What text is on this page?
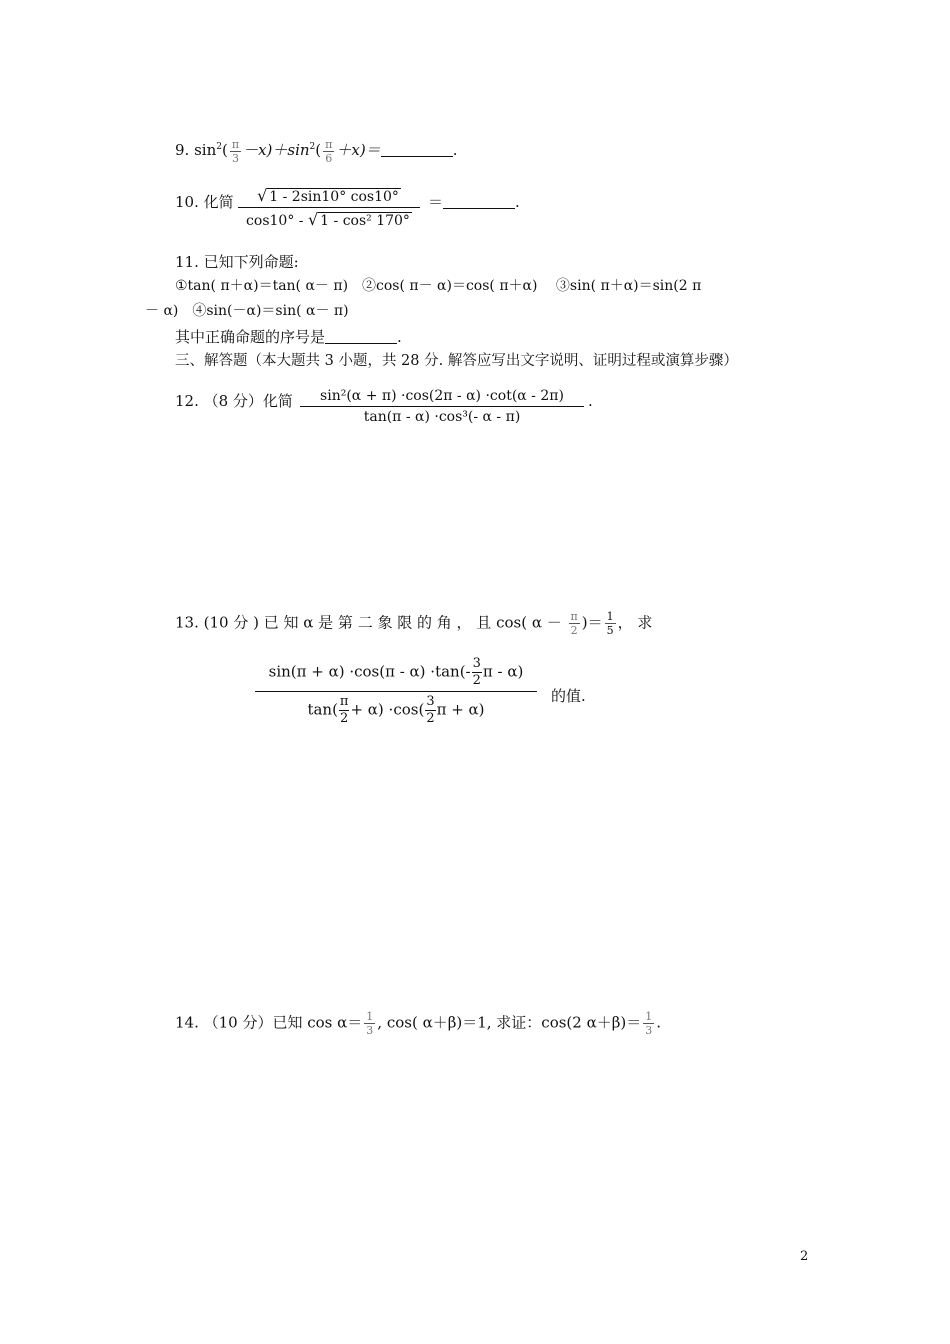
9. $\sin^2( \frac{\pi}{3} -x)+\sin^2( \frac{\pi}{6} +x)=$	.
10. 化简	√ 1 - 2sin10° cos10°
cos10° - √ 1 - cos² 170°
＝	.
11. 已知下列命题:
①tan( π＋α)＝tan( α－ π)　②cos( π－ α)＝cos( π＋α)　 ③sin( π＋α)＝sin(2 π
－ α)　④sin(－α)＝sin( α－ π)
其中正确命题的序号是	.
三、解答题（本大题共 3 小题，共 28 分. 解答应写出文字说明、证明过程或演算步骤）
12. （8 分）化简	sin²(α + π) ·cos(2π - α) ·cot(α - 2π)
tan(π - α) ·cos³(- α - π)
.
13. (10 分 ) 已 知 α 是 第 二 象 限 的 角 ， 且 cos( $\alpha - \frac{\pi}{2}$ )＝ $\frac{1}{5}$ ， 求
$\sin(\pi + \alpha) \cdot\cos(\pi - \alpha) \cdot\tan(- \frac{3}{2}$ π - α)
$\tan( \frac{\pi}{2} + \alpha) \cdot\cos( \frac{3}{2}$ π + α)
的值.
14. （10 分）已知 $\cos \alpha= \frac{1}{3}$ , cos( α＋β)＝1, 求证：cos(2 $\alpha+\beta)= \frac{1}{3}$ .
2
